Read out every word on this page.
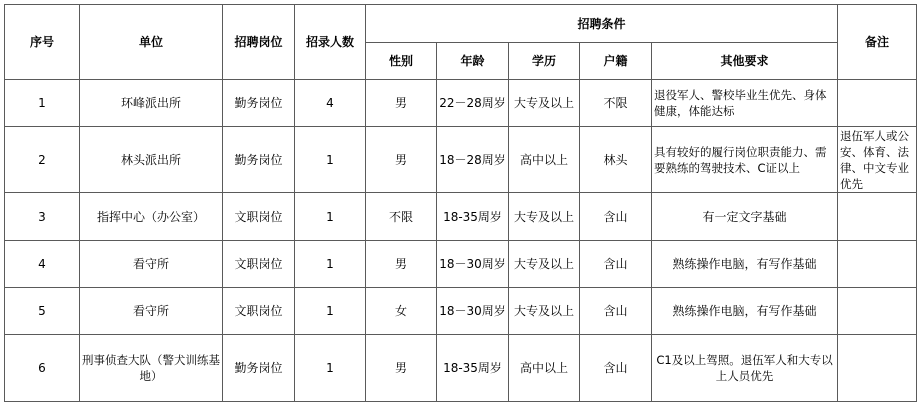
序号	单位	招聘岗位	招录人数	招聘条件					备注
				性别	年龄	学历	户籍	其他要求	
1	环峰派出所	勤务岗位	4	男	22－28周岁	大专及以上	不限	退役军人、警校毕业生优先、身体健康，体能达标	
2	林头派出所	勤务岗位	1	男	18－28周岁	高中以上	林头	具有较好的履行岗位职责能力、需要熟练的驾驶技术、C证以上	退伍军人或公安、体育、法律、中文专业优先
3	指挥中心（办公室）	文职岗位	1	不限	18-35周岁	大专及以上	含山	有一定文字基础	
4	看守所	文职岗位	1	男	18－30周岁	大专及以上	含山	熟练操作电脑，有写作基础	
5	看守所	文职岗位	1	女	18－30周岁	大专及以上	含山	熟练操作电脑，有写作基础	
6	刑事侦查大队（警犬训练基地）	勤务岗位	1	男	18-35周岁	高中以上	含山	C1及以上驾照。退伍军人和大专以上人员优先	
